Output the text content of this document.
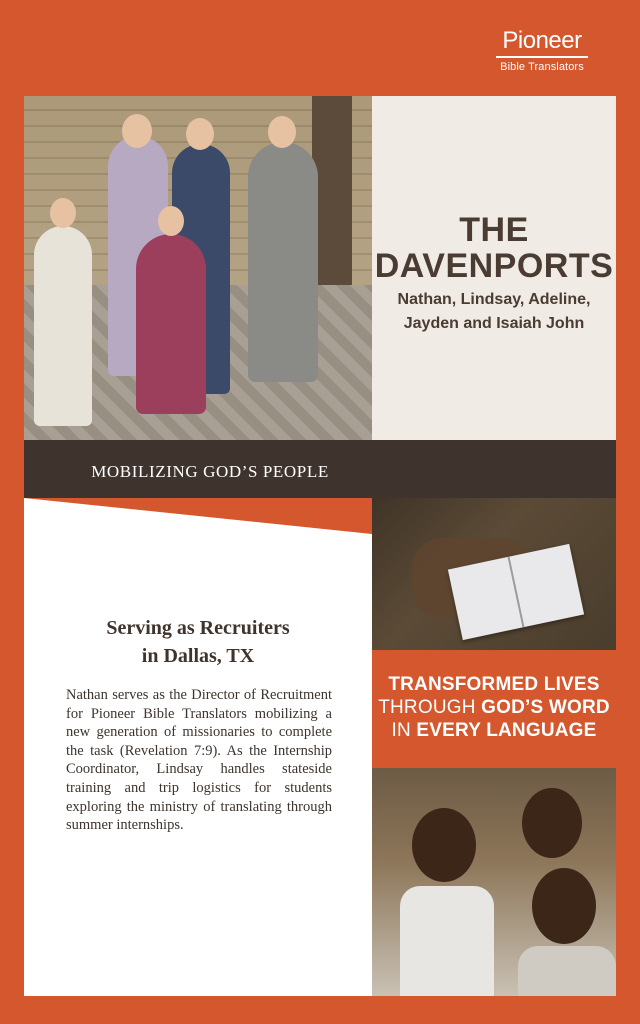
Pioneer
Bible Translators
THE
DAVENPORTS
Nathan, Lindsay, Adeline,
Jayden and Isaiah John
MOBILIZING GOD’S PEOPLE
Serving as Recruiters
in Dallas, TX
Nathan serves as the Director of Recruitment for Pioneer Bible Translators mobilizing a new generation of missionaries to complete the task (Revelation 7:9). As the Internship Coordinator, Lindsay handles stateside training and trip logistics for students exploring the ministry of translating through summer internships.
TRANSFORMED LIVES
THROUGH GOD’S WORD
IN EVERY LANGUAGE
